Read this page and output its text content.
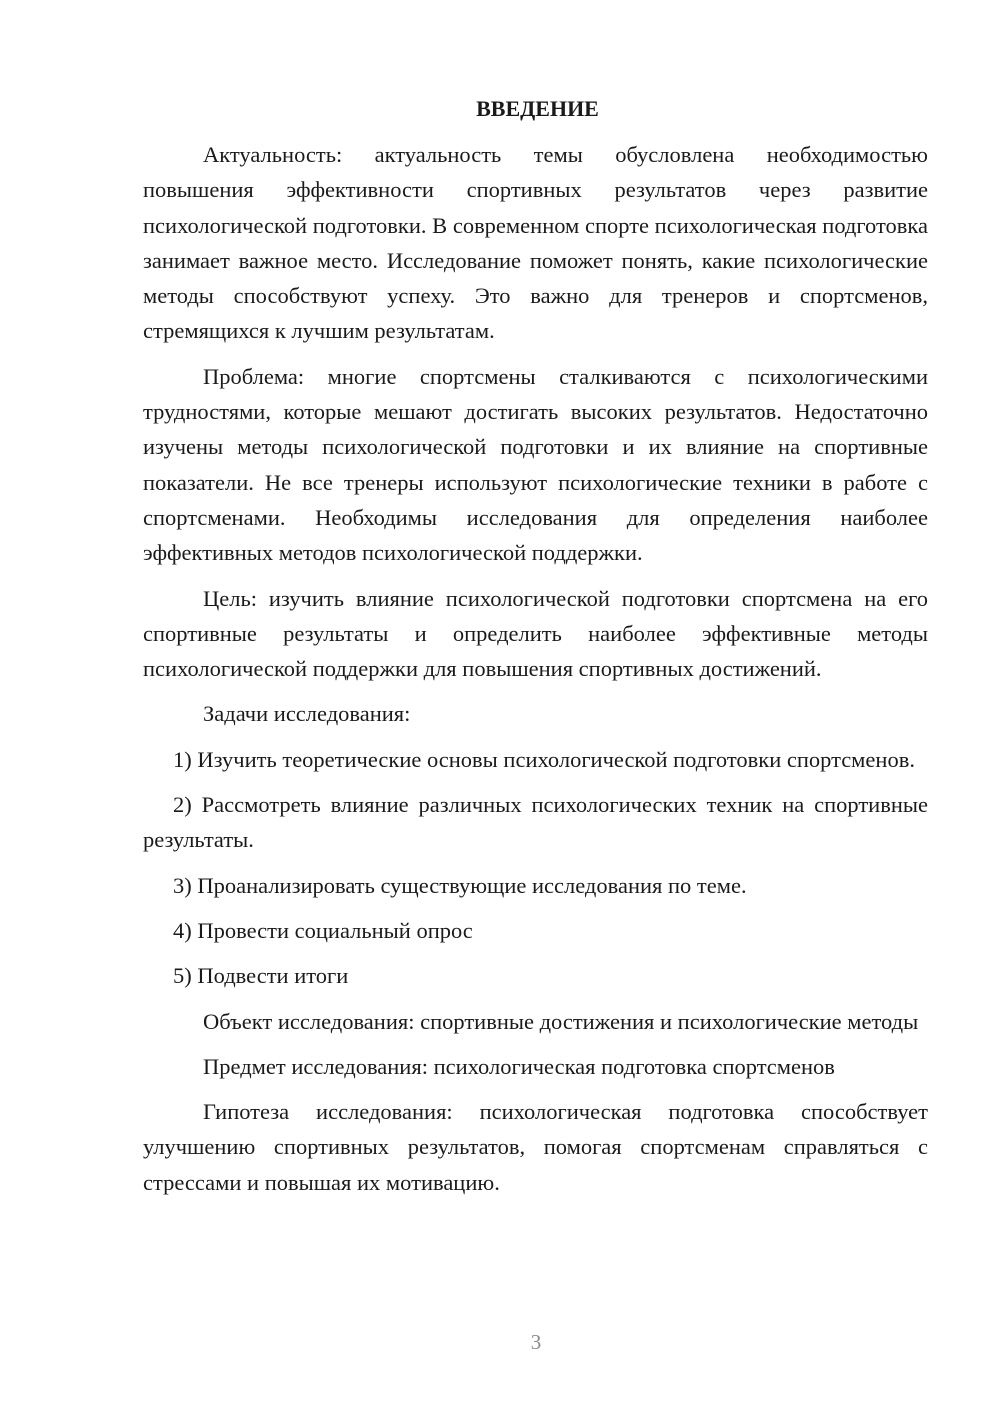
ВВЕДЕНИЕ

Актуальность: актуальность темы обусловлена необходимостью повышения эффективности спортивных результатов через развитие психологической подготовки. В современном спорте психологическая подготовка занимает важное место. Исследование поможет понять, какие психологические методы способствуют успеху. Это важно для тренеров и спортсменов, стремящихся к лучшим результатам.

Проблема: многие спортсмены сталкиваются с психологическими трудностями, которые мешают достигать высоких результатов. Недостаточно изучены методы психологической подготовки и их влияние на спортивные показатели. Не все тренеры используют психологические техники в работе с спортсменами. Необходимы исследования для определения наиболее эффективных методов психологической поддержки.

Цель: изучить влияние психологической подготовки спортсмена на его спортивные результаты и определить наиболее эффективные методы психологической поддержки для повышения спортивных достижений.

Задачи исследования:

1) Изучить теоретические основы психологической подготовки спортсменов.

2) Рассмотреть влияние различных психологических техник на спортивные результаты.

3) Проанализировать существующие исследования по теме.

4) Провести социальный опрос

5) Подвести итоги

Объект исследования: спортивные достижения и психологические методы

Предмет исследования: психологическая подготовка спортсменов

Гипотеза исследования: психологическая подготовка способствует улучшению спортивных результатов, помогая спортсменам справляться с стрессами и повышая их мотивацию.

3
